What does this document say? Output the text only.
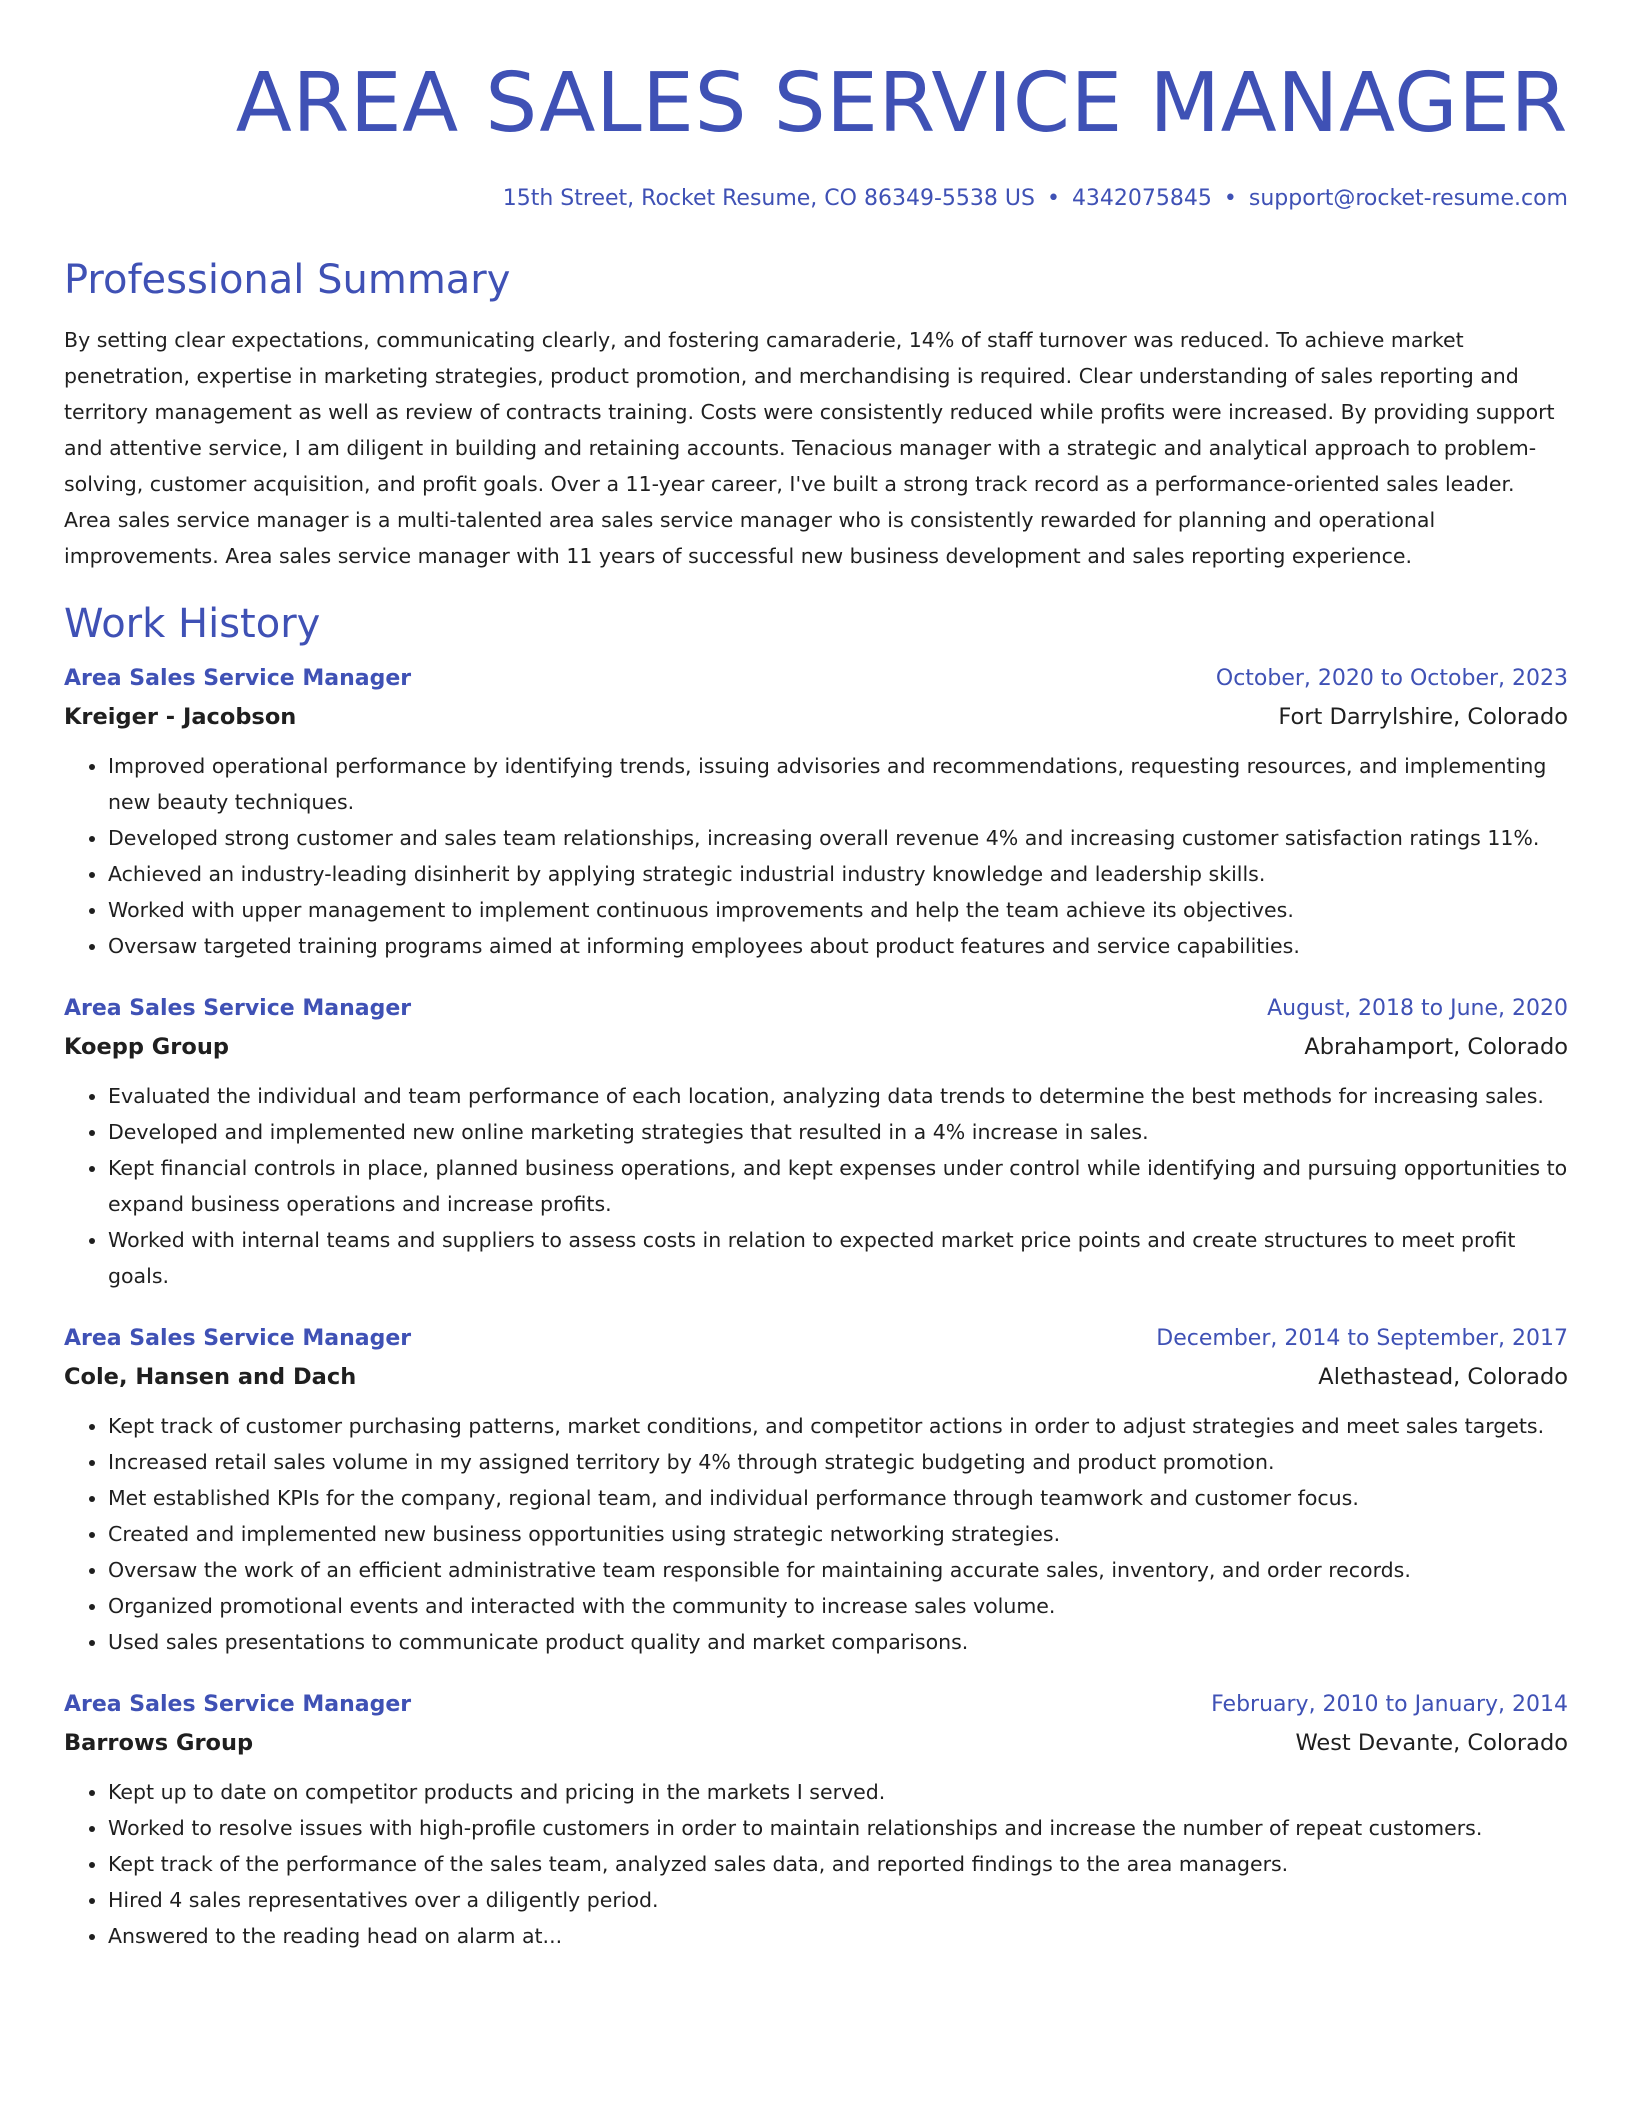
AREA SALES SERVICE MANAGER
15th Street, Rocket Resume, CO 86349-5538 US • 4342075845 • support@rocket-resume.com
Professional Summary
By setting clear expectations, communicating clearly, and fostering camaraderie, 14% of staff turnover was reduced. To achieve market penetration, expertise in marketing strategies, product promotion, and merchandising is required. Clear understanding of sales reporting and territory management as well as review of contracts training. Costs were consistently reduced while profits were increased. By providing support and attentive service, I am diligent in building and retaining accounts. Tenacious manager with a strategic and analytical approach to problem-solving, customer acquisition, and profit goals. Over a 11-year career, I've built a strong track record as a performance-oriented sales leader. Area sales service manager is a multi-talented area sales service manager who is consistently rewarded for planning and operational improvements. Area sales service manager with 11 years of successful new business development and sales reporting experience.
Work History
Area Sales Service Manager	October, 2020 to October, 2023
Kreiger - Jacobson	Fort Darrylshire, Colorado
• Improved operational performance by identifying trends, issuing advisories and recommendations, requesting resources, and implementing new beauty techniques.
• Developed strong customer and sales team relationships, increasing overall revenue 4% and increasing customer satisfaction ratings 11%.
• Achieved an industry-leading disinherit by applying strategic industrial industry knowledge and leadership skills.
• Worked with upper management to implement continuous improvements and help the team achieve its objectives.
• Oversaw targeted training programs aimed at informing employees about product features and service capabilities.
Area Sales Service Manager	August, 2018 to June, 2020
Koepp Group	Abrahamport, Colorado
• Evaluated the individual and team performance of each location, analyzing data trends to determine the best methods for increasing sales.
• Developed and implemented new online marketing strategies that resulted in a 4% increase in sales.
• Kept financial controls in place, planned business operations, and kept expenses under control while identifying and pursuing opportunities to expand business operations and increase profits.
• Worked with internal teams and suppliers to assess costs in relation to expected market price points and create structures to meet profit goals.
Area Sales Service Manager	December, 2014 to September, 2017
Cole, Hansen and Dach	Alethastead, Colorado
• Kept track of customer purchasing patterns, market conditions, and competitor actions in order to adjust strategies and meet sales targets.
• Increased retail sales volume in my assigned territory by 4% through strategic budgeting and product promotion.
• Met established KPIs for the company, regional team, and individual performance through teamwork and customer focus.
• Created and implemented new business opportunities using strategic networking strategies.
• Oversaw the work of an efficient administrative team responsible for maintaining accurate sales, inventory, and order records.
• Organized promotional events and interacted with the community to increase sales volume.
• Used sales presentations to communicate product quality and market comparisons.
Area Sales Service Manager	February, 2010 to January, 2014
Barrows Group	West Devante, Colorado
• Kept up to date on competitor products and pricing in the markets I served.
• Worked to resolve issues with high-profile customers in order to maintain relationships and increase the number of repeat customers.
• Kept track of the performance of the sales team, analyzed sales data, and reported findings to the area managers.
• Hired 4 sales representatives over a diligently period.
• Answered to the reading head on alarm at...
